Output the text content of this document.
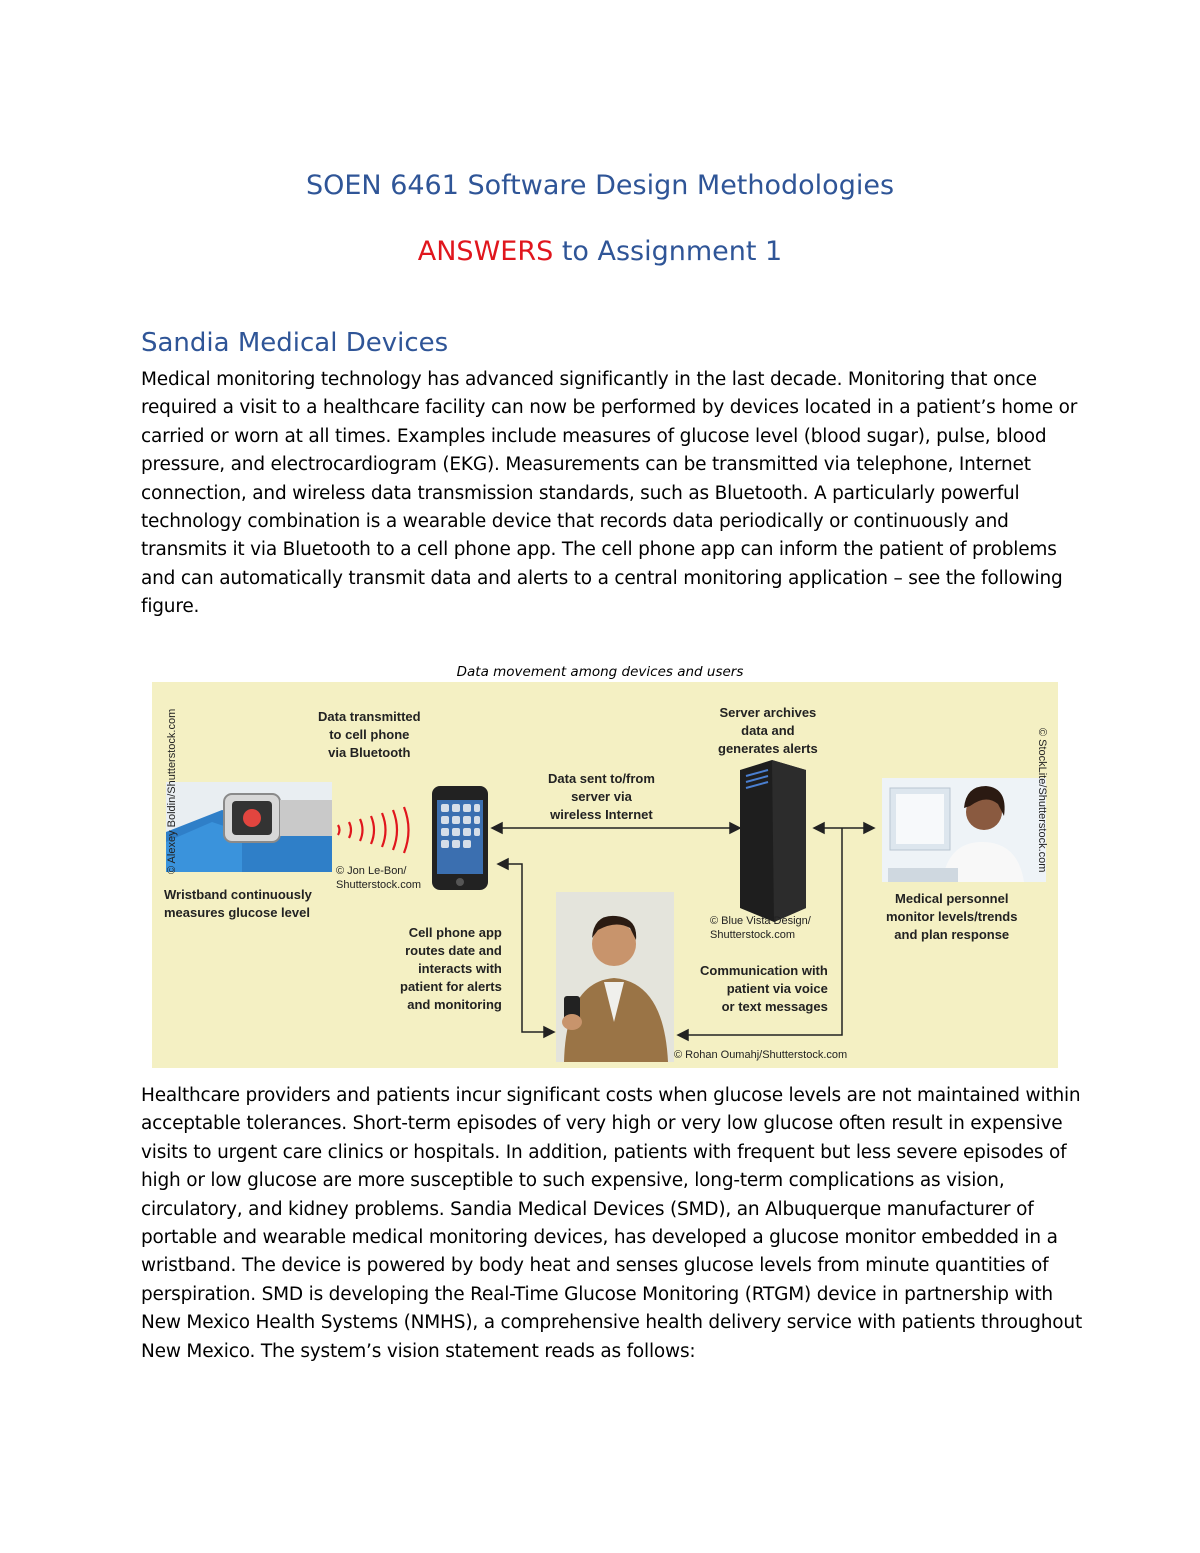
SOEN 6461 Software Design Methodologies
ANSWERS to Assignment 1
Sandia Medical Devices
Medical monitoring technology has advanced significantly in the last decade. Monitoring that once
required a visit to a healthcare facility can now be performed by devices located in a patient’s home or
carried or worn at all times. Examples include measures of glucose level (blood sugar), pulse, blood
pressure, and electrocardiogram (EKG). Measurements can be transmitted via telephone, Internet
connection, and wireless data transmission standards, such as Bluetooth. A particularly powerful
technology combination is a wearable device that records data periodically or continuously and
transmits it via Bluetooth to a cell phone app. The cell phone app can inform the patient of problems
and can automatically transmit data and alerts to a central monitoring application – see the following
figure.
Data movement among devices and users
Data transmitted
to cell phone
via Bluetooth
Server archives
data and
generates alerts
Data sent to/from
server via
wireless Internet
Wristband continuously
measures glucose level
Cell phone app
routes date and
interacts with
patient for alerts
and monitoring
Medical personnel
monitor levels/trends
and plan response
Communication with
patient via voice
or text messages
© Jon Le-Bon/
Shutterstock.com
© Blue Vista Design/
Shutterstock.com
© Rohan Oumahj/Shutterstock.com
© Alexey Boldin/Shutterstock.com	© StockLite/Shutterstock.com
Healthcare providers and patients incur significant costs when glucose levels are not maintained within
acceptable tolerances. Short-term episodes of very high or very low glucose often result in expensive
visits to urgent care clinics or hospitals. In addition, patients with frequent but less severe episodes of
high or low glucose are more susceptible to such expensive, long-term complications as vision,
circulatory, and kidney problems. Sandia Medical Devices (SMD), an Albuquerque manufacturer of
portable and wearable medical monitoring devices, has developed a glucose monitor embedded in a
wristband. The device is powered by body heat and senses glucose levels from minute quantities of
perspiration. SMD is developing the Real-Time Glucose Monitoring (RTGM) device in partnership with
New Mexico Health Systems (NMHS), a comprehensive health delivery service with patients throughout
New Mexico. The system’s vision statement reads as follows:
